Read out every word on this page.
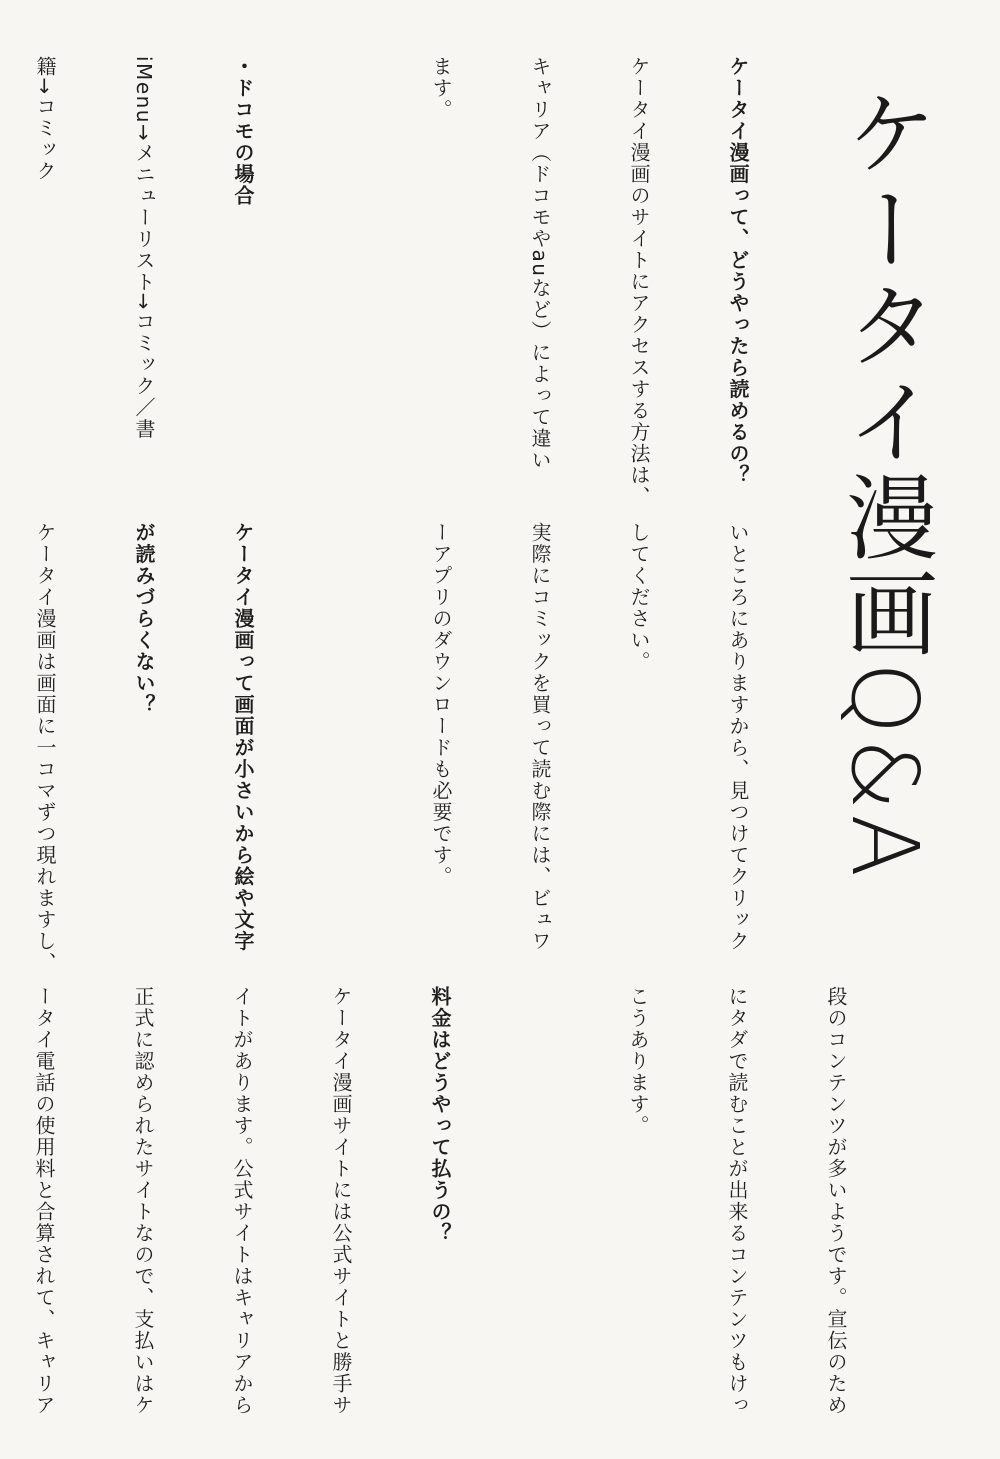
ケータイ漫画Q&A

ケータイ漫画って、どうやったら読めるの？

ケータイ漫画のサイトにアクセスする方法は、

キャリア（ドコモやauなど）によって違い

ます。

・ドコモの場合

iMenu→メニューリスト→コミック／書

籍→コミック

いところにありますから、見つけてクリック

してください。

実際にコミックを買って読む際には、ビュワ

ーアプリのダウンロードも必要です。

ケータイ漫画って画面が小さいから絵や文字

が読みづらくない？

ケータイ漫画は画面に一コマずつ現れますし、

段のコンテンツが多いようです。宣伝のため

にタダで読むことが出来るコンテンツもけっ

こうあります。

料金はどうやって払うの？

ケータイ漫画サイトには公式サイトと勝手サ

イトがあります。公式サイトはキャリアから

正式に認められたサイトなので、支払いはケ

ータイ電話の使用料と合算されて、キャリア
